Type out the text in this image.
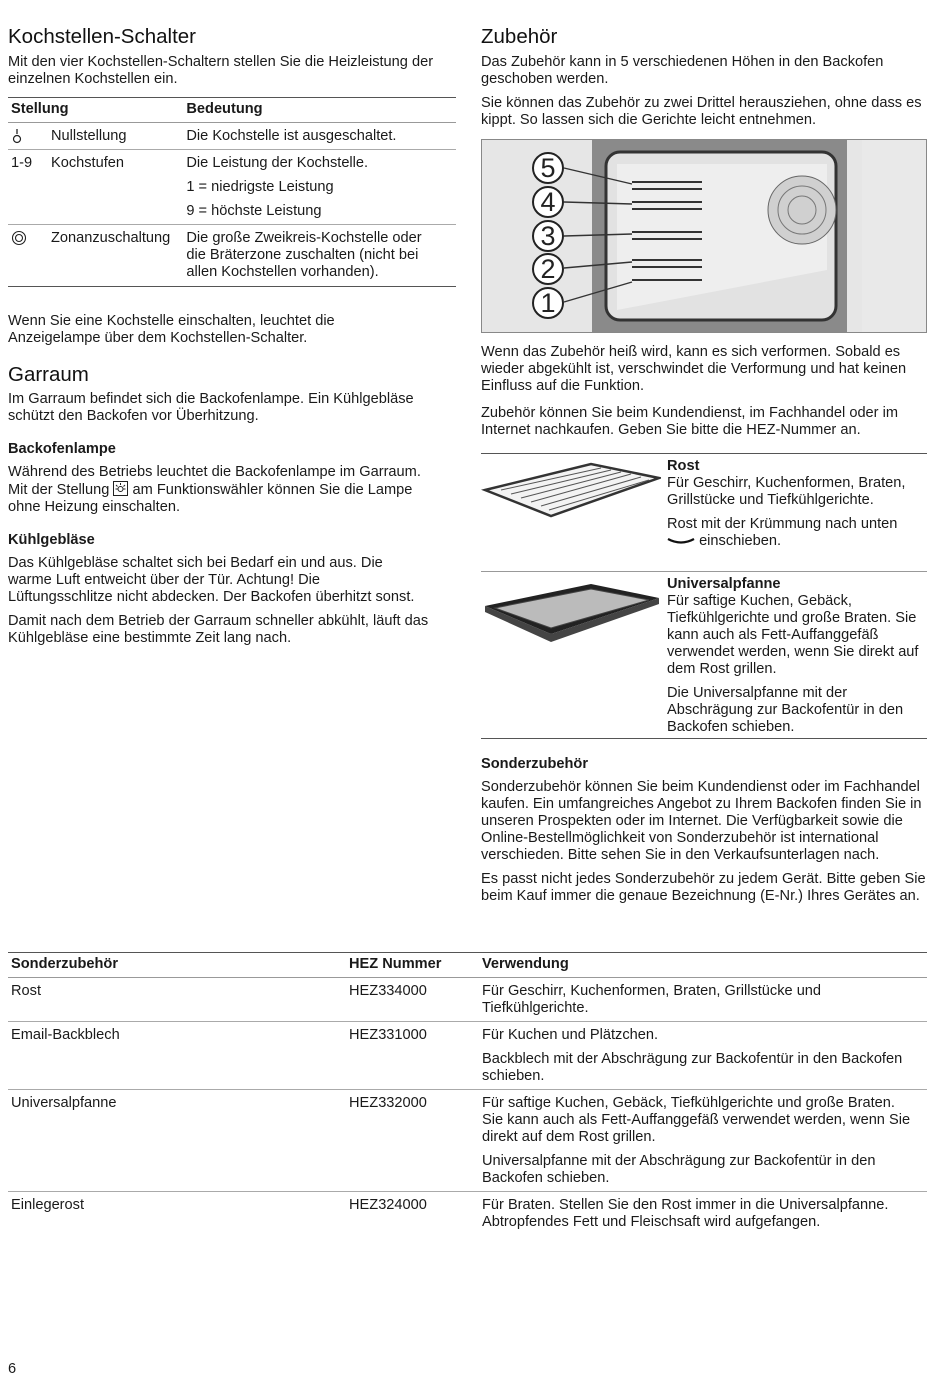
Kochstellen-Schalter

Mit den vier Kochstellen-Schaltern stellen Sie die Heizleistung der einzelnen Kochstellen ein.

Stellung		Bedeutung
	Nullstellung	Die Kochstelle ist ausgeschaltet.
1-9	Kochstufen	Die Leistung der Kochstelle.

1 = niedrigste Leistung

9 = höchste Leistung

	Zonanzuschaltung	Die große Zweikreis-Kochstelle oder die Bräterzone zuschalten (nicht bei allen Kochstellen vorhanden).

Wenn Sie eine Kochstelle einschalten, leuchtet die Anzeigelampe über dem Kochstellen-Schalter.

Garraum

Im Garraum befindet sich die Backofenlampe. Ein Kühlgebläse schützt den Backofen vor Überhitzung.

Backofenlampe

Während des Betriebs leuchtet die Backofenlampe im Garraum. Mit der Stellung am Funktionswähler können Sie die Lampe ohne Heizung einschalten.

Kühlgebläse

Das Kühlgebläse schaltet sich bei Bedarf ein und aus. Die warme Luft entweicht über der Tür. Achtung! Die Lüftungsschlitze nicht abdecken. Der Backofen überhitzt sonst.

Damit nach dem Betrieb der Garraum schneller abkühlt, läuft das Kühlgebläse eine bestimmte Zeit lang nach.

Zubehör

Das Zubehör kann in 5 verschiedenen Höhen in den Backofen geschoben werden.

Sie können das Zubehör zu zwei Drittel herausziehen, ohne dass es kippt. So lassen sich die Gerichte leicht entnehmen.

5
4
3
2
1

Wenn das Zubehör heiß wird, kann es sich verformen. Sobald es wieder abgekühlt ist, verschwindet die Verformung und hat keinen Einfluss auf die Funktion.

Zubehör können Sie beim Kundendienst, im Fachhandel oder im Internet nachkaufen. Geben Sie bitte die HEZ-Nummer an.

Rost

Für Geschirr, Kuchenformen, Braten, Grillstücke und Tiefkühlgerichte.

Rost mit der Krümmung nach unten
einschieben.

Universalpfanne

Für saftige Kuchen, Gebäck, Tiefkühlgerichte und große Braten. Sie kann auch als Fett-Auffanggefäß verwendet werden, wenn Sie direkt auf dem Rost grillen.

Die Universalpfanne mit der Abschrägung zur Backofentür in den Backofen schieben.

Sonderzubehör

Sonderzubehör können Sie beim Kundendienst oder im Fachhandel kaufen. Ein umfangreiches Angebot zu Ihrem Backofen finden Sie in unseren Prospekten oder im Internet. Die Verfügbarkeit sowie die Online-Bestellmöglichkeit von Sonderzubehör ist international verschieden. Bitte sehen Sie in den Verkaufsunterlagen nach.

Es passt nicht jedes Sonderzubehör zu jedem Gerät. Bitte geben Sie beim Kauf immer die genaue Bezeichnung (E-Nr.) Ihres Gerätes an.

Sonderzubehör	HEZ Nummer	Verwendung
Rost	HEZ334000	Für Geschirr, Kuchenformen, Braten, Grillstücke und Tiefkühlgerichte.

Email-Backblech	HEZ331000	Für Kuchen und Plätzchen.

Backblech mit der Abschrägung zur Backofentür in den Backofen schieben.

Universalpfanne	HEZ332000	Für saftige Kuchen, Gebäck, Tiefkühlgerichte und große Braten. Sie kann auch als Fett-Auffanggefäß verwendet werden, wenn Sie direkt auf dem Rost grillen.

Universalpfanne mit der Abschrägung zur Backofentür in den Backofen schieben.

Einlegerost	HEZ324000	Für Braten. Stellen Sie den Rost immer in die Universalpfanne. Abtropfendes Fett und Fleischsaft wird aufgefangen.

6
